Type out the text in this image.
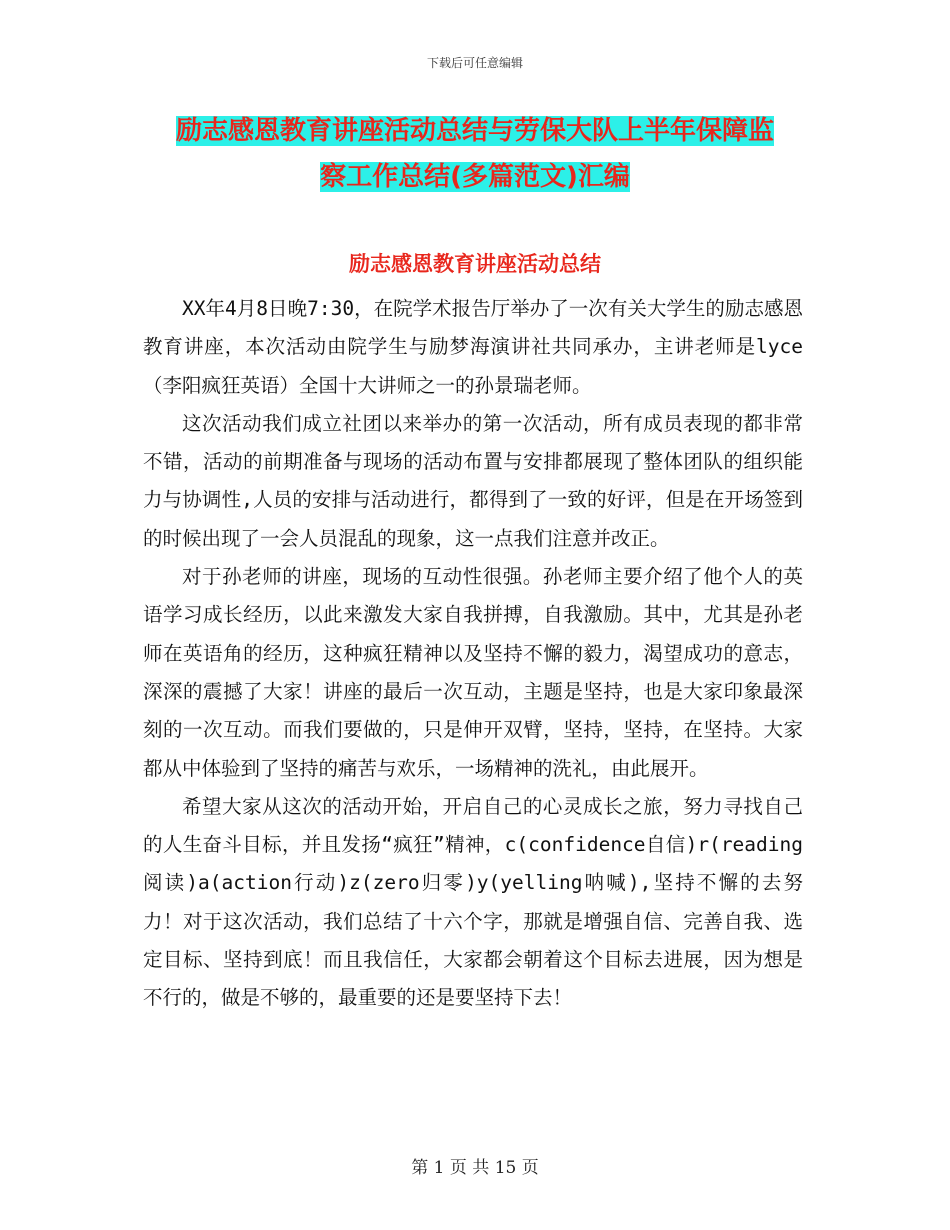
下载后可任意编辑
励志感恩教育讲座活动总结与劳保大队上半年保障监
察工作总结(多篇范文)汇编
励志感恩教育讲座活动总结

XX年4月8日晚7:30，在院学术报告厅举办了一次有关大学生的励志感恩教育讲座，本次活动由院学生与励梦海演讲社共同承办，主讲老师是lyce（李阳疯狂英语）全国十大讲师之一的孙景瑞老师。

这次活动我们成立社团以来举办的第一次活动，所有成员表现的都非常不错，活动的前期准备与现场的活动布置与安排都展现了整体团队的组织能力与协调性,人员的安排与活动进行，都得到了一致的好评，但是在开场签到的时候出现了一会人员混乱的现象，这一点我们注意并改正。

对于孙老师的讲座，现场的互动性很强。孙老师主要介绍了他个人的英语学习成长经历，以此来激发大家自我拼搏，自我激励。其中，尤其是孙老师在英语角的经历，这种疯狂精神以及坚持不懈的毅力，渴望成功的意志，深深的震撼了大家！讲座的最后一次互动，主题是坚持，也是大家印象最深刻的一次互动。而我们要做的，只是伸开双臂，坚持，坚持，在坚持。大家都从中体验到了坚持的痛苦与欢乐，一场精神的洗礼，由此展开。

希望大家从这次的活动开始，开启自己的心灵成长之旅，努力寻找自己的人生奋斗目标，并且发扬“疯狂”精神，c(confidence自信)r(reading阅读)a(action行动)z(zero归零)y(yelling呐喊),坚持不懈的去努力！对于这次活动，我们总结了十六个字，那就是增强自信、完善自我、选定目标、坚持到底！而且我信任，大家都会朝着这个目标去进展，因为想是不行的，做是不够的，最重要的还是要坚持下去！

第 1 页 共 15 页
